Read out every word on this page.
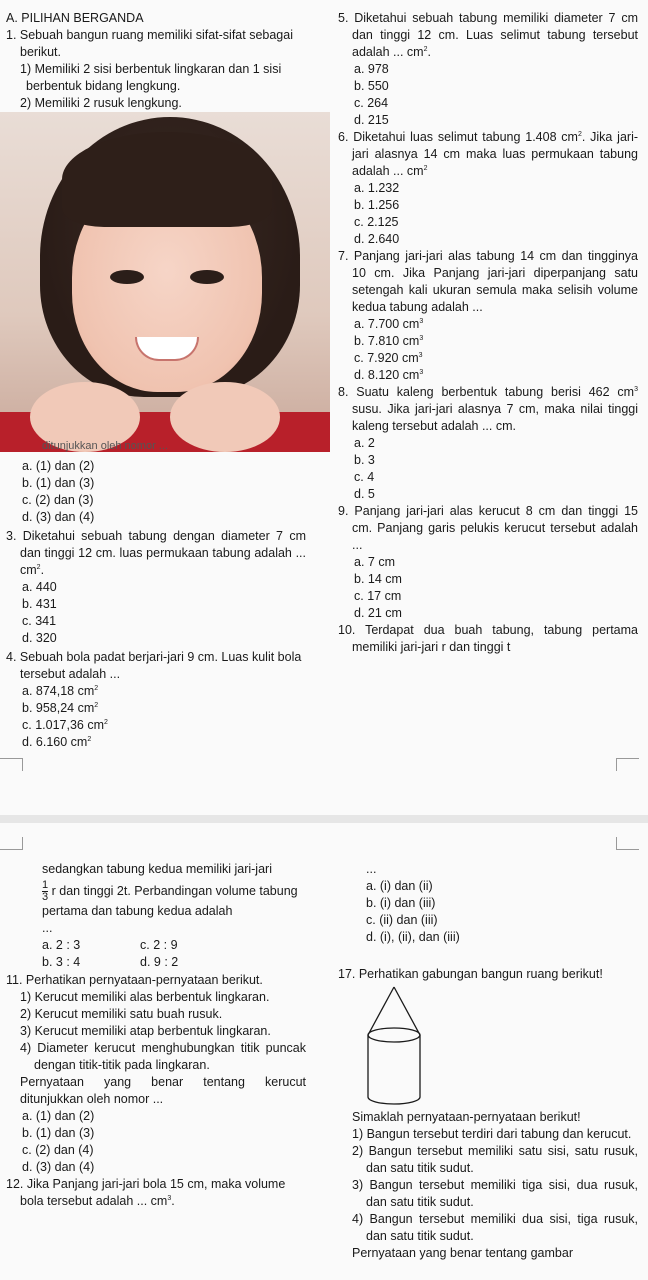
A. PILIHAN BERGANDA

1. Sebuah bangun ruang memiliki sifat-sifat sebagai berikut.

1) Memiliki 2 sisi berbentuk lingkaran dan 1 sisi berbentuk bidang lengkung.

2) Memiliki 2 rusuk lengkung.

ditunjukkan oleh nomor ...

a. (1) dan (2)

b. (1) dan (3)

c. (2) dan (3)

d. (3) dan (4)

3. Diketahui sebuah tabung dengan diameter 7 cm dan tinggi 12 cm. luas permukaan tabung adalah ... $cm^2$.

a. 440

b. 431

c. 341

d. 320

4. Sebuah bola padat berjari-jari 9 cm. Luas kulit bola tersebut adalah ...

a. 874,18 $cm^2$

b. 958,24 $cm^2$

c. 1.017,36 $cm^2$

d. 6.160 $cm^2$

5. Diketahui sebuah tabung memiliki diameter 7 cm dan tinggi 12 cm. Luas selimut tabung tersebut adalah ... $cm^2$.

a. 978

b. 550

c. 264

d. 215

6. Diketahui luas selimut tabung 1.408 $cm^2$. Jika jari-jari alasnya 14 cm maka luas permukaan tabung adalah ... $cm^2$

a. 1.232

b. 1.256

c. 2.125

d. 2.640

7. Panjang jari-jari alas tabung 14 cm dan tingginya 10 cm. Jika Panjang jari-jari diperpanjang satu setengah kali ukuran semula maka selisih volume kedua tabung adalah ...

a. 7.700 $cm^3$

b. 7.810 $cm^3$

c. 7.920 $cm^3$

d. 8.120 $cm^3$

8. Suatu kaleng berbentuk tabung berisi 462 $cm^3$ susu. Jika jari-jari alasnya 7 cm, maka nilai tinggi kaleng tersebut adalah ... cm.

a. 2

b. 3

c. 4

d. 5

9. Panjang jari-jari alas kerucut 8 cm dan tinggi 15 cm. Panjang garis pelukis kerucut tersebut adalah ...

a. 7 cm

b. 14 cm

c. 17 cm

d. 21 cm

10. Terdapat dua buah tabung, tabung pertama memiliki jari-jari r dan tinggi t

sedangkan tabung kedua memiliki jari-jari

$\frac{1}{3}$ r dan tinggi 2t. Perbandingan volume tabung pertama dan tabung kedua adalah

...

a. 2 : 3	c. 2 : 9
b. 3 : 4	d. 9 : 2

11. Perhatikan pernyataan-pernyataan berikut.

1) Kerucut memiliki alas berbentuk lingkaran.

2) Kerucut memiliki satu buah rusuk.

3) Kerucut memiliki atap berbentuk lingkaran.

4) Diameter kerucut menghubungkan titik puncak dengan titik-titik pada lingkaran.

Pernyataan yang benar tentang kerucut ditunjukkan oleh nomor ...

a. (1) dan (2)

b. (1) dan (3)

c. (2) dan (4)

d. (3) dan (4)

12. Jika Panjang jari-jari bola 15 cm, maka volume bola tersebut adalah ... $cm^3$.

...

a. (i) dan (ii)

b. (i) dan (iii)

c. (ii) dan (iii)

d. (i), (ii), dan (iii)

17. Perhatikan gabungan bangun ruang berikut!

Simaklah pernyataan-pernyataan berikut!

1) Bangun tersebut terdiri dari tabung dan kerucut.

2) Bangun tersebut memiliki satu sisi, satu rusuk, dan satu titik sudut.

3) Bangun tersebut memiliki tiga sisi, dua rusuk, dan satu titik sudut.

4) Bangun tersebut memiliki dua sisi, tiga rusuk, dan satu titik sudut.

Pernyataan yang benar tentang gambar
